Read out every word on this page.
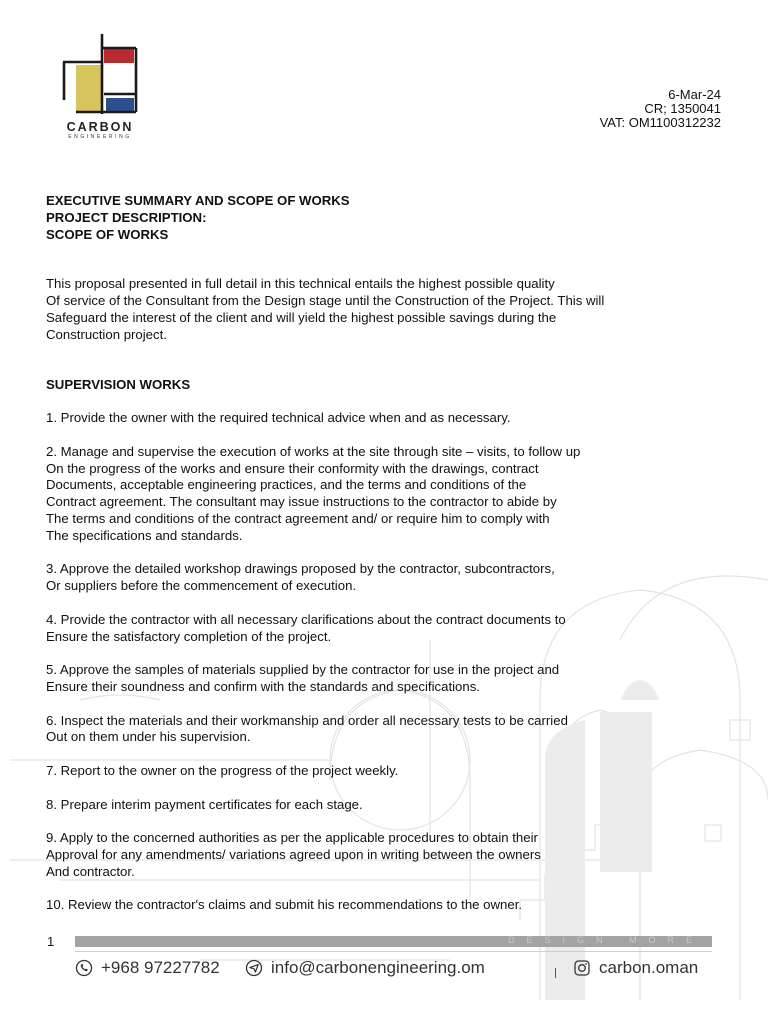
CARBON
ENGINEERING
6-Mar-24
CR; 1350041
VAT: OM1100312232
EXECUTIVE SUMMARY AND SCOPE OF WORKS
PROJECT DESCRIPTION:
SCOPE OF WORKS
This proposal presented in full detail in this technical entails the highest possible quality
Of service of the Consultant from the Design stage until the Construction of the Project. This will
Safeguard the interest of the client and will yield the highest possible savings during the
Construction project.
SUPERVISION WORKS
1. Provide the owner with the required technical advice when and as necessary.
2. Manage and supervise the execution of works at the site through site – visits, to follow up
On the progress of the works and ensure their conformity with the drawings, contract
Documents, acceptable engineering practices, and the terms and conditions of the
Contract agreement. The consultant may issue instructions to the contractor to abide by
The terms and conditions of the contract agreement and/ or require him to comply with
The specifications and standards.
3. Approve the detailed workshop drawings proposed by the contractor, subcontractors,
Or suppliers before the commencement of execution.
4. Provide the contractor with all necessary clarifications about the contract documents to
Ensure the satisfactory completion of the project.
5. Approve the samples of materials supplied by the contractor for use in the project and
Ensure their soundness and confirm with the standards and specifications.
6. Inspect the materials and their workmanship and order all necessary tests to be carried
Out on them under his supervision.
7. Report to the owner on the progress of the project weekly.
8. Prepare interim payment certificates for each stage.
9. Apply to the concerned authorities as per the applicable procedures to obtain their
Approval for any amendments/ variations agreed upon in writing between the owners
And contractor.
10. Review the contractor's claims and submit his recommendations to the owner.
1	DESIGN MORE
+968 97227782	info@carbonengineering.om	carbon.oman
